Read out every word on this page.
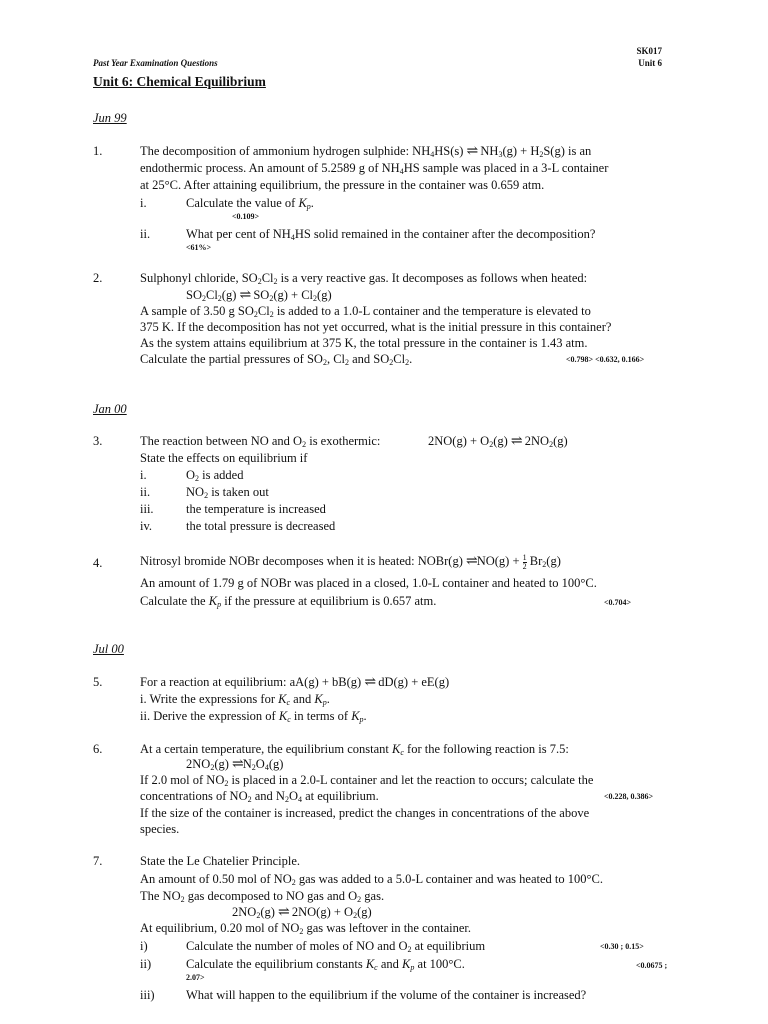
SK017
Past Year Examination Questions	Unit 6
Unit 6: Chemical Equilibrium
Jun 99
1.	The decomposition of ammonium hydrogen sulphide: $NH_4HS(s)$ ⇌ $NH_3(g) + H_2S(g)$ is an
endothermic process. An amount of 5.2589 g of $NH_4HS$ sample was placed in a 3-L container
at 25°C. After attaining equilibrium, the pressure in the container was 0.659 atm.
i.	Calculate the value of $K_p$.
<0.109>
ii.	What per cent of $NH_4HS$ solid remained in the container after the decomposition?
<61%>
2.	Sulphonyl chloride, $SO_2Cl_2$ is a very reactive gas. It decomposes as follows when heated:
$SO_2Cl_2(g)$ ⇌ $SO_2(g) + Cl_2(g)$
A sample of 3.50 g $SO_2Cl_2$ is added to a 1.0-L container and the temperature is elevated to
375 K. If the decomposition has not yet occurred, what is the initial pressure in this container?
As the system attains equilibrium at 375 K, the total pressure in the container is 1.43 atm.
Calculate the partial pressures of $SO_2$, $Cl_2$ and $SO_2Cl_2$.	<0.798> <0.632, 0.166>
Jan 00
3.	The reaction between NO and $O_2$ is exothermic:	$2NO(g) + O_2(g)$ ⇌ $2NO_2(g)$
State the effects on equilibrium if
i.	$O_2$ is added
ii.	$NO_2$ is taken out
iii.	the temperature is increased
iv.	the total pressure is decreased
4.	Nitrosyl bromide NOBr decomposes when it is heated: NOBr(g) ⇌NO(g) + $\frac{1}{2} Br_2(g)$
An amount of 1.79 g of NOBr was placed in a closed, 1.0-L container and heated to 100°C.
Calculate the $K_p$ if the pressure at equilibrium is 0.657 atm.	<0.704>
Jul 00
5.	For a reaction at equilibrium: aA(g) + bB(g) ⇌ dD(g) + eE(g)
i. Write the expressions for $K_c$ and $K_p$.
ii. Derive the expression of $K_c$ in terms of $K_p$.
6.	At a certain temperature, the equilibrium constant $K_c$ for the following reaction is 7.5:
$2NO_2(g)$ $\rightleftharpoons N_2O_4(g)$
If 2.0 mol of $NO_2$ is placed in a 2.0-L container and let the reaction to occurs; calculate the
concentrations of $NO_2$ and $N_2O_4$ at equilibrium.	<0.228, 0.386>
If the size of the container is increased, predict the changes in concentrations of the above
species.
7.	State the Le Chatelier Principle.
An amount of 0.50 mol of $NO_2$ gas was added to a 5.0-L container and was heated to 100°C.
The $NO_2$ gas decomposed to NO gas and $O_2$ gas.
$2NO_2(g)$ ⇌ $2NO(g) + O_2(g)$
At equilibrium, 0.20 mol of $NO_2$ gas was leftover in the container.
i)	Calculate the number of moles of NO and $O_2$ at equilibrium	<0.30 ; 0.15>
ii)	Calculate the equilibrium constants $K_c$ and $K_p$ at 100°C.	<0.0675 ;
2.07>
iii)	What will happen to the equilibrium if the volume of the container is increased?
